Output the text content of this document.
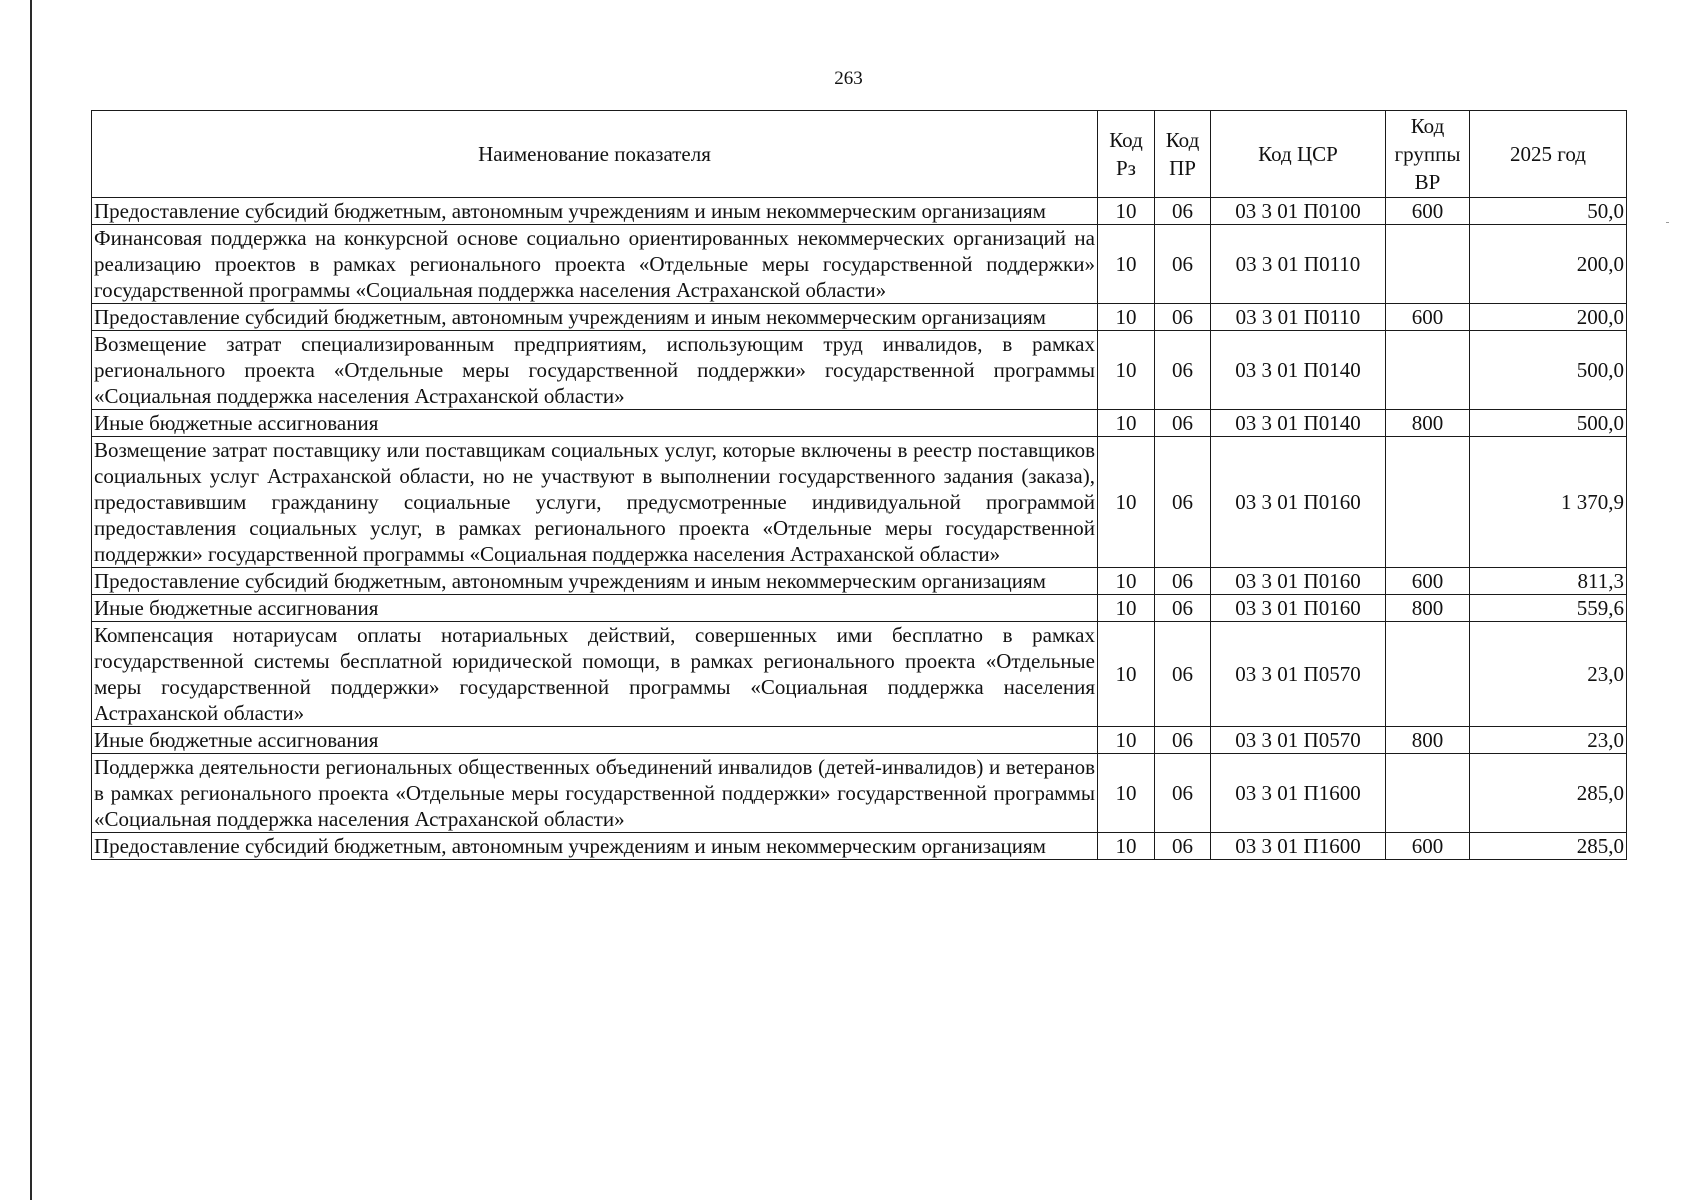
263
Наименование показателя	Код Рз	Код ПР	Код ЦСР	Код группы ВР	2025 год
Предоставление субсидий бюджетным, автономным учреждениям и иным некоммерческим организациям	10	06	03 3 01 П0100	600	50,0
Финансовая поддержка на конкурсной основе социально ориентированных некоммерческих организаций на реализацию проектов в рамках регионального проекта «Отдельные меры государственной поддержки» государственной программы «Социальная поддержка населения Астраханской области»	10	06	03 3 01 П0110		200,0
Предоставление субсидий бюджетным, автономным учреждениям и иным некоммерческим организациям	10	06	03 3 01 П0110	600	200,0
Возмещение затрат специализированным предприятиям, использующим труд инвалидов, в рамках регионального проекта «Отдельные меры государственной поддержки» государственной программы «Социальная поддержка населения Астраханской области»	10	06	03 3 01 П0140		500,0
Иные бюджетные ассигнования	10	06	03 3 01 П0140	800	500,0
Возмещение затрат поставщику или поставщикам социальных услуг, которые включены в реестр поставщиков социальных услуг Астраханской области, но не участвуют в выполнении государственного задания (заказа), предоставившим гражданину социальные услуги, предусмотренные индивидуальной программой предоставления социальных услуг, в рамках регионального проекта «Отдельные меры государственной поддержки» государственной программы «Социальная поддержка населения Астраханской области»	10	06	03 3 01 П0160		1 370,9
Предоставление субсидий бюджетным, автономным учреждениям и иным некоммерческим организациям	10	06	03 3 01 П0160	600	811,3
Иные бюджетные ассигнования	10	06	03 3 01 П0160	800	559,6
Компенсация нотариусам оплаты нотариальных действий, совершенных ими бесплатно в рамках государственной системы бесплатной юридической помощи, в рамках регионального проекта «Отдельные меры государственной поддержки» государственной программы «Социальная поддержка населения Астраханской области»	10	06	03 3 01 П0570		23,0
Иные бюджетные ассигнования	10	06	03 3 01 П0570	800	23,0
Поддержка деятельности региональных общественных объединений инвалидов (детей-инвалидов) и ветеранов в рамках регионального проекта «Отдельные меры государственной поддержки» государственной программы «Социальная поддержка населения Астраханской области»	10	06	03 3 01 П1600		285,0
Предоставление субсидий бюджетным, автономным учреждениям и иным некоммерческим организациям	10	06	03 3 01 П1600	600	285,0
